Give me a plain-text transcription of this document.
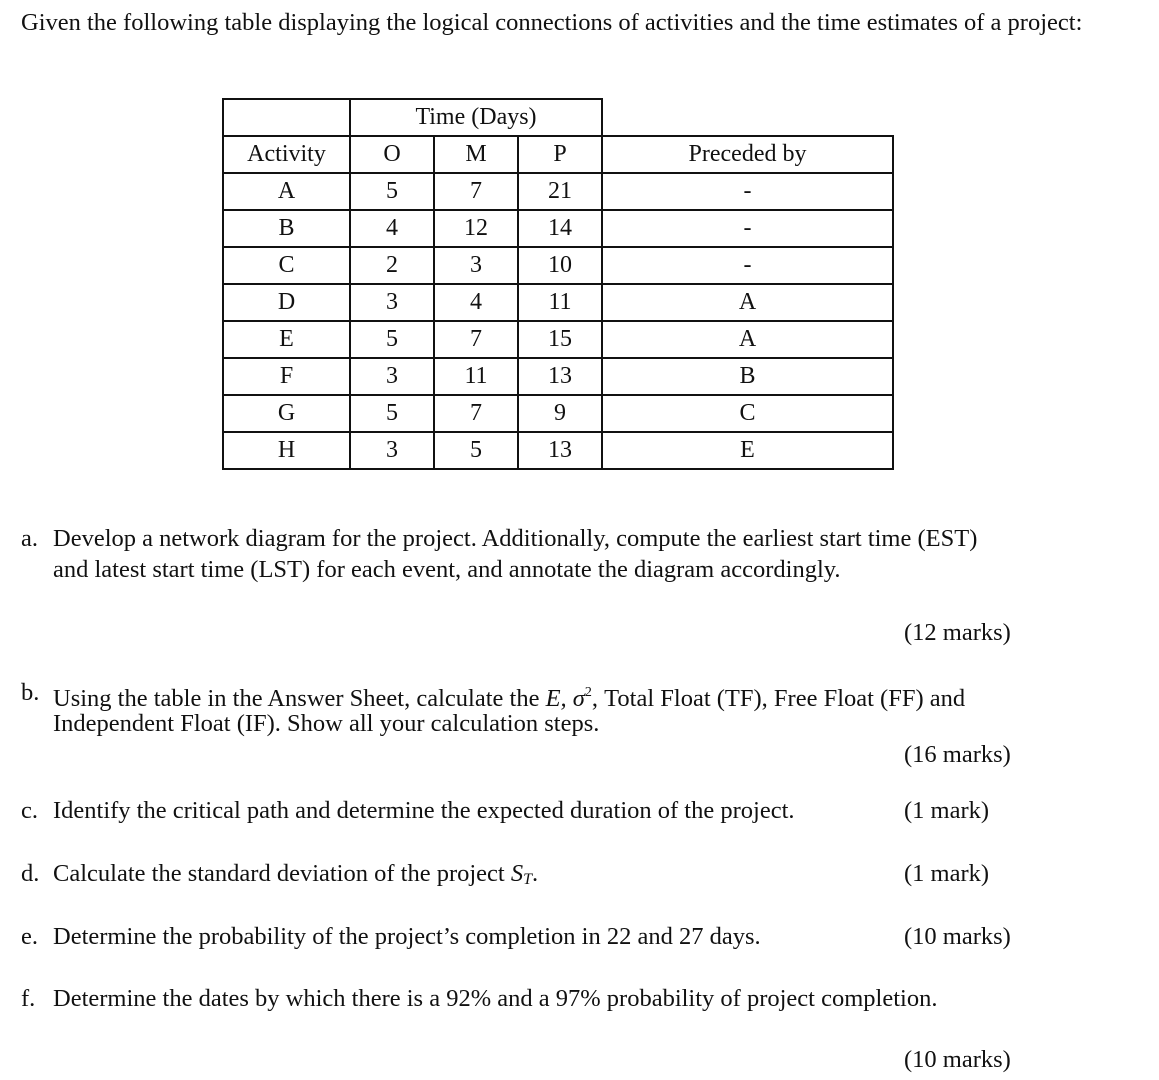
Given the following table displaying the logical connections of activities and the time estimates of a project:
	Time (Days)			
Activity	O	M	P	Preceded by
A	5	7	21	-
B	4	12	14	-
C	2	3	10	-
D	3	4	11	A
E	5	7	15	A
F	3	11	13	B
G	5	7	9	C
H	3	5	13	E
a. Develop a network diagram for the project. Additionally, compute the earliest start time (EST)
and latest start time (LST) for each event, and annotate the diagram accordingly.
(12 marks)
b. Using the table in the Answer Sheet, calculate the E, $\sigma^2$, Total Float (TF), Free Float (FF) and
Independent Float (IF). Show all your calculation steps.
(16 marks)
c. Identify the critical path and determine the expected duration of the project.	(1 mark)
d. Calculate the standard deviation of the project $S_T$.	(1 mark)
e. Determine the probability of the project’s completion in 22 and 27 days.	(10 marks)
f. Determine the dates by which there is a 92% and a 97% probability of project completion.
(10 marks)
